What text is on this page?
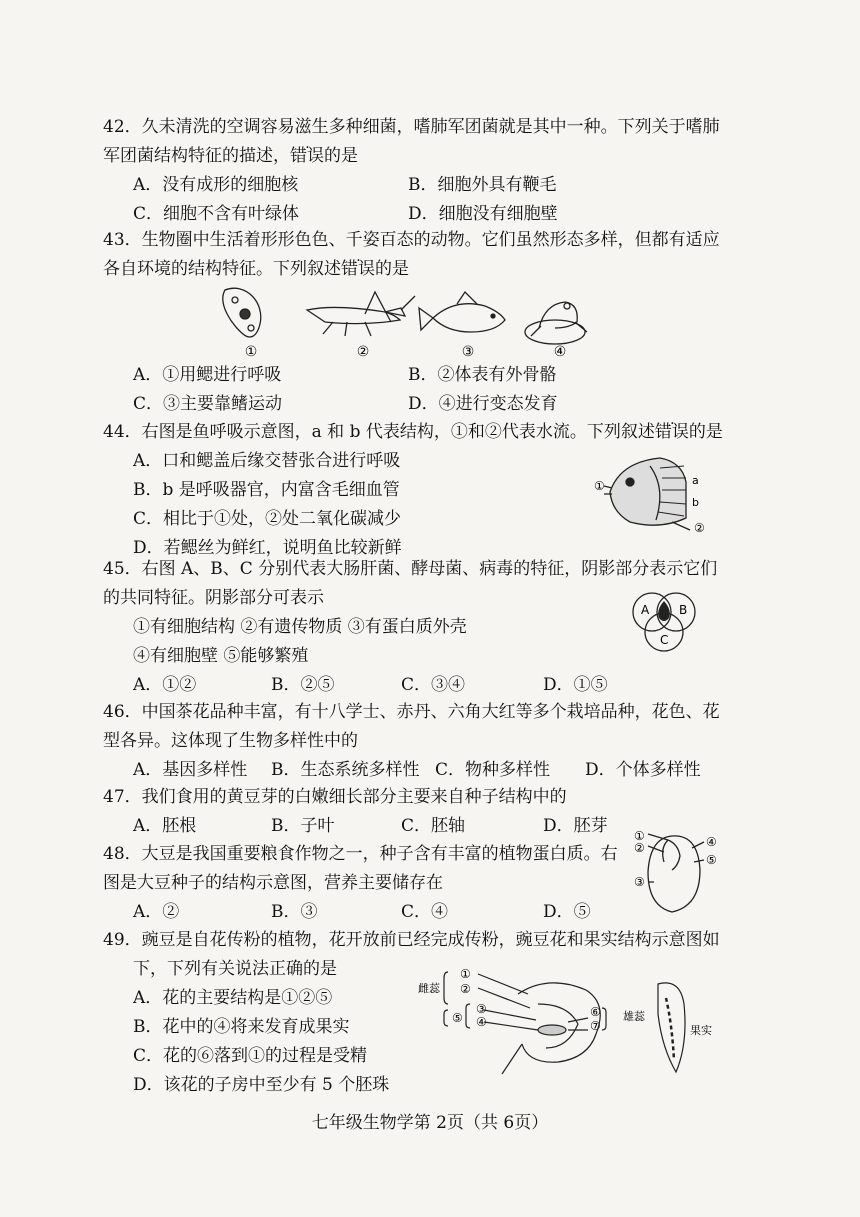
42．久未清洗的空调容易滋生多种细菌，嗜肺军团菌就是其中一种。下列关于嗜肺
军团菌结构特征的描述，错误的是
A．没有成形的细胞核	B．细胞外具有鞭毛
C．细胞不含有叶绿体	D．细胞没有细胞壁
43．生物圈中生活着形形色色、千姿百态的动物。它们虽然形态多样，但都有适应
各自环境的结构特征。下列叙述错误的是
①	②	③	④
A．①用鳃进行呼吸	B．②体表有外骨骼
C．③主要靠鳍运动	D．④进行变态发育
44．右图是鱼呼吸示意图，a 和 b 代表结构，①和②代表水流。下列叙述错误的是
A．口和鳃盖后缘交替张合进行呼吸
B．b 是呼吸器官，内富含毛细血管
C．相比于①处，②处二氧化碳减少
D．若鳃丝为鲜红，说明鱼比较新鲜
①	a
b
②
45．右图 A、B、C 分别代表大肠肝菌、酵母菌、病毒的特征，阴影部分表示它们
的共同特征。阴影部分可表示
①有细胞结构 ②有遗传物质 ③有蛋白质外壳
④有细胞壁 ⑤能够繁殖
A．①②	B．②⑤	C．③④	D．①⑤
A B
C
46．中国茶花品种丰富，有十八学士、赤丹、六角大红等多个栽培品种，花色、花
型各异。这体现了生物多样性中的
A．基因多样性 B．生态系统多样性 C．物种多样性 D．个体多样性
47．我们食用的黄豆芽的白嫩细长部分主要来自种子结构中的
A．胚根	B．子叶	C．胚轴	D．胚芽
48．大豆是我国重要粮食作物之一，种子含有丰富的植物蛋白质。右
图是大豆种子的结构示意图，营养主要储存在
A．②	B．③	C．④	D．⑤
①
②
③
④
⑤
49．豌豆是自花传粉的植物，花开放前已经完成传粉，豌豆花和果实结构示意图如
下，下列有关说法正确的是
A．花的主要结构是①②⑤
B．花中的④将来发育成果实
C．花的⑥落到①的过程是受精
D．该花的子房中至少有 5 个胚珠
雌蕊
雄蕊
果实
①
②
③
④
⑤	⑥
⑦
七年级生物学第 2页（共 6页）
